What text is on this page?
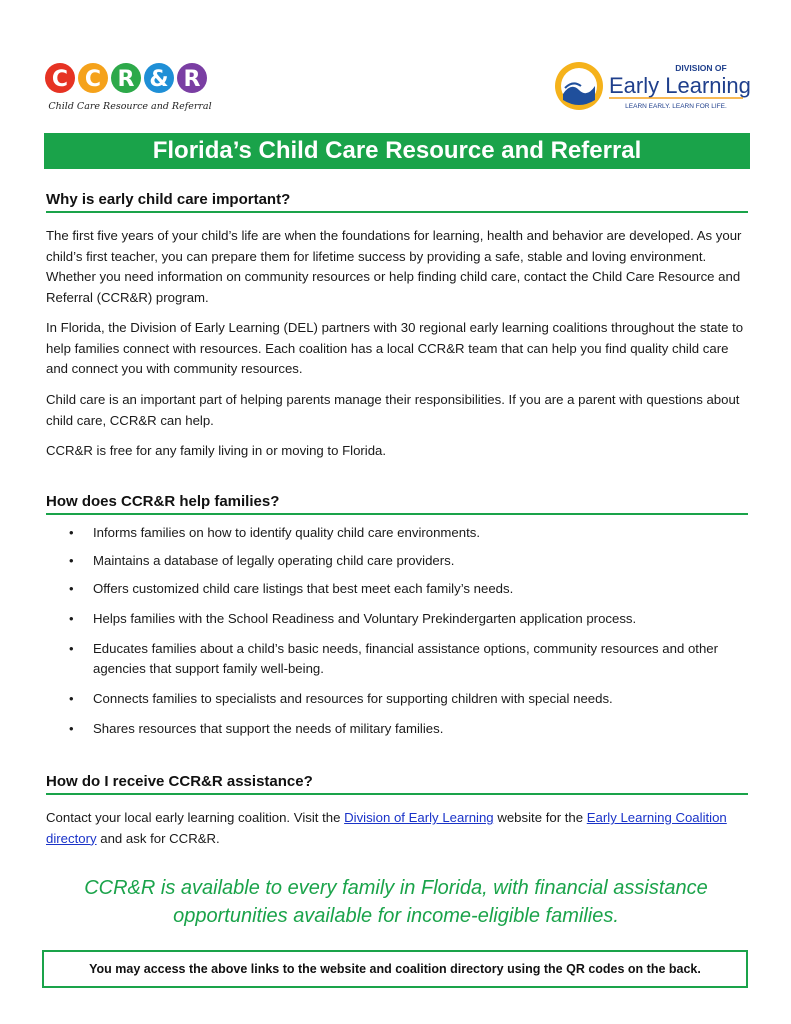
C C R & R
Child Care Resource and Referral
DIVISION OF
Early Learning
LEARN EARLY. LEARN FOR LIFE.
Florida’s Child Care Resource and Referral
Why is early child care important?

The first five years of your child’s life are when the foundations for learning, health and behavior are developed. As your child’s first teacher, you can prepare them for lifetime success by providing a safe, stable and loving environment. Whether you need information on community resources or help finding child care, contact the Child Care Resource and Referral (CCR&R) program.

In Florida, the Division of Early Learning (DEL) partners with 30 regional early learning coalitions throughout the state to help families connect with resources. Each coalition has a local CCR&R team that can help you find quality child care and connect you with community resources.

Child care is an important part of helping parents manage their responsibilities. If you are a parent with questions about child care, CCR&R can help.

CCR&R is free for any family living in or moving to Florida.

How does CCR&R help families?
• Informs families on how to identify quality child care environments.
• Maintains a database of legally operating child care providers.
• Offers customized child care listings that best meet each family’s needs.
• Helps families with the School Readiness and Voluntary Prekindergarten application process.
• Educates families about a child’s basic needs, financial assistance options, community resources and other agencies that support family well-being.
• Connects families to specialists and resources for supporting children with special needs.
• Shares resources that support the needs of military families.
How do I receive CCR&R assistance?

Contact your local early learning coalition. Visit the Division of Early Learning website for the Early Learning Coalition directory and ask for CCR&R.

CCR&R is available to every family in Florida, with financial assistance opportunities available for income-eligible families.
You may access the above links to the website and coalition directory using the QR codes on the back.
